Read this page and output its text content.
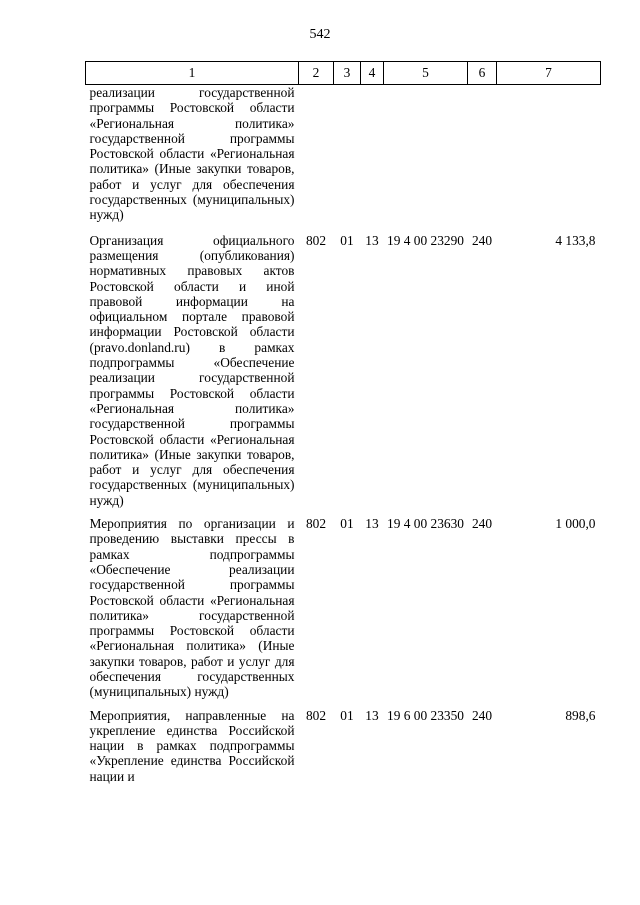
542
1	2	3	4	5	6	7
реализации государственной программы Ростовской области «Региональная политика» государственной программы Ростовской области «Региональная политика» (Иные закупки товаров, работ и услуг для обеспечения государственных (муниципальных) нужд)						
Организация официального размещения (опубликования) нормативных правовых актов Ростовской области и иной правовой информации на официальном портале правовой информации Ростовской области (pravo.donland.ru) в рамках подпрограммы «Обеспечение реализации государственной программы Ростовской области «Региональная политика» государственной программы Ростовской области «Региональная политика» (Иные закупки товаров, работ и услуг для обеспечения государственных (муниципальных) нужд)	802	01	13	19 4 00 23290	240	4 133,8
Мероприятия по организации и проведению выставки прессы в рамках подпрограммы «Обеспечение реализации государственной программы Ростовской области «Региональная политика» государственной программы Ростовской области «Региональная политика» (Иные закупки товаров, работ и услуг для обеспечения государственных (муниципальных) нужд)	802	01	13	19 4 00 23630	240	1 000,0
Мероприятия, направленные на укрепление единства Российской нации в рамках подпрограммы «Укрепление единства Российской нации и	802	01	13	19 6 00 23350	240	898,6
